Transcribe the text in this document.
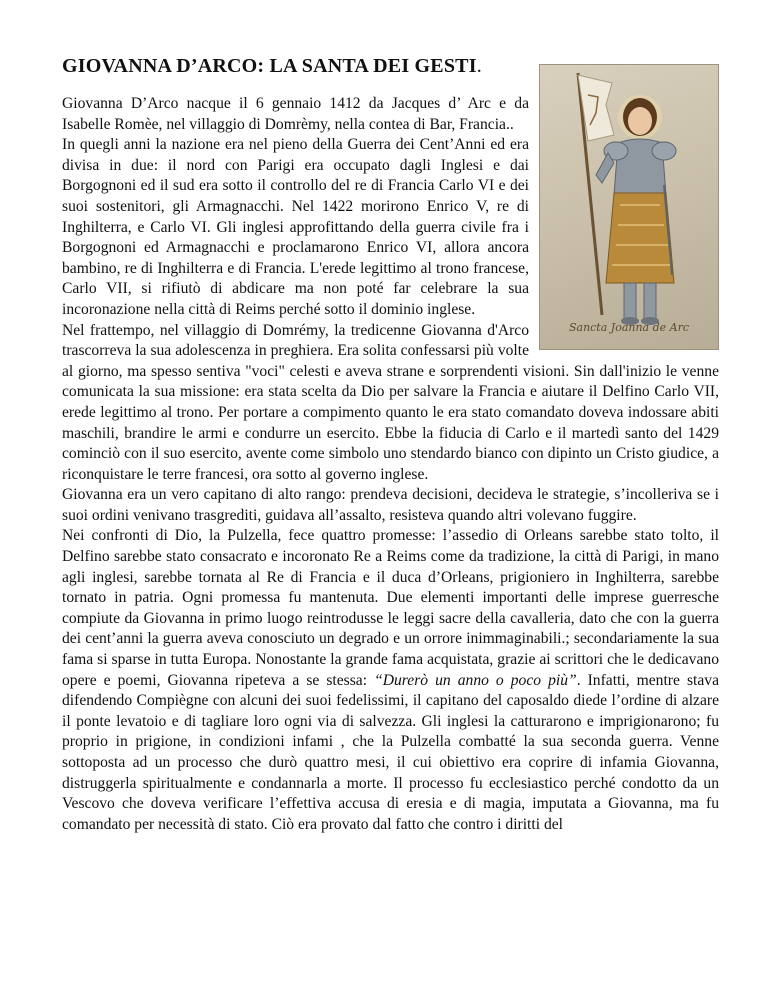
GIOVANNA D’ARCO: LA SANTA DEI GESTI.
Sancta Joanna de Arc

Giovanna D’Arco nacque il 6 gennaio 1412 da Jacques d’ Arc e da Isabelle Romèe, nel villaggio di Domrèmy, nella contea di Bar, Francia..

In quegli anni la nazione era nel pieno della Guerra dei Cent’Anni ed era divisa in due: il nord con Parigi era occupato dagli Inglesi e dai Borgognoni ed il sud era sotto il controllo del re di Francia Carlo VI e dei suoi sostenitori, gli Armagnacchi. Nel 1422 morirono Enrico V, re di Inghilterra, e Carlo VI. Gli inglesi approfittando della guerra civile fra i Borgognoni ed Armagnacchi e proclamarono Enrico VI, allora ancora bambino, re di Inghilterra e di Francia. L'erede legittimo al trono francese, Carlo VII, si rifiutò di abdicare ma non poté far celebrare la sua incoronazione nella città di Reims perché sotto il dominio inglese.

Nel frattempo, nel villaggio di Domrémy, la tredicenne Giovanna d'Arco trascorreva la sua adolescenza in preghiera. Era solita confessarsi più volte al giorno, ma spesso sentiva "voci" celesti e aveva strane e sorprendenti visioni. Sin dall'inizio le venne comunicata la sua missione: era stata scelta da Dio per salvare la Francia e aiutare il Delfino Carlo VII, erede legittimo al trono. Per portare a compimento quanto le era stato comandato doveva indossare abiti maschili, brandire le armi e condurre un esercito. Ebbe la fiducia di Carlo e il martedì santo del 1429 cominciò con il suo esercito, avente come simbolo uno stendardo bianco con dipinto un Cristo giudice, a riconquistare le terre francesi, ora sotto al governo inglese.

Giovanna era un vero capitano di alto rango: prendeva decisioni, decideva le strategie, s’incolleriva se i suoi ordini venivano trasgrediti, guidava all’assalto, resisteva quando altri volevano fuggire.

Nei confronti di Dio, la Pulzella, fece quattro promesse: l’assedio di Orleans sarebbe stato tolto, il Delfino sarebbe stato consacrato e incoronato Re a Reims come da tradizione, la città di Parigi, in mano agli inglesi, sarebbe tornata al Re di Francia e il duca d’Orleans, prigioniero in Inghilterra, sarebbe tornato in patria. Ogni promessa fu mantenuta. Due elementi importanti delle imprese guerresche compiute da Giovanna in primo luogo reintrodusse le leggi sacre della cavalleria, dato che con la guerra dei cent’anni la guerra aveva conosciuto un degrado e un orrore inimmaginabili.; secondariamente la sua fama si sparse in tutta Europa. Nonostante la grande fama acquistata, grazie ai scrittori che le dedicavano opere e poemi, Giovanna ripeteva a se stessa: “Durerò un anno o poco più”. Infatti, mentre stava difendendo Compiègne con alcuni dei suoi fedelissimi, il capitano del caposaldo diede l’ordine di alzare il ponte levatoio e di tagliare loro ogni via di salvezza. Gli inglesi la catturarono e imprigionarono; fu proprio in prigione, in condizioni infami , che la Pulzella combatté la sua seconda guerra. Venne sottoposta ad un processo che durò quattro mesi, il cui obiettivo era coprire di infamia Giovanna, distruggerla spiritualmente e condannarla a morte. Il processo fu ecclesiastico perché condotto da un Vescovo che doveva verificare l’effettiva accusa di eresia e di magia, imputata a Giovanna, ma fu comandato per necessità di stato. Ciò era provato dal fatto che contro i diritti del
